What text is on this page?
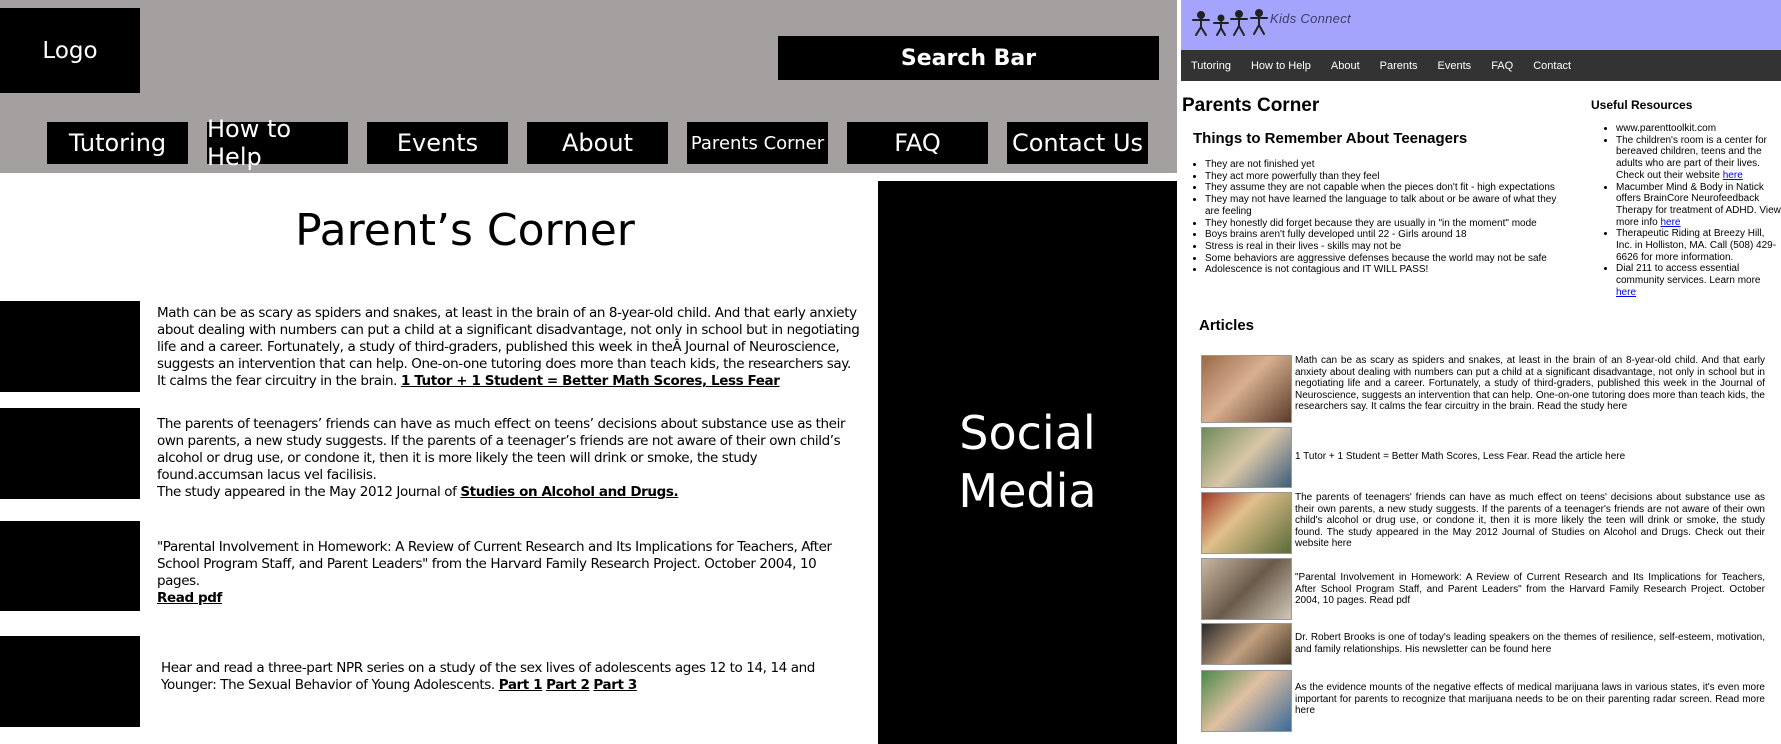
Logo	Search Bar
Tutoring	How to Help	Events	About	Parents Corner	FAQ	Contact Us
Parent’s Corner
Social
Media
Math can be as scary as spiders and snakes, at least in the brain of an 8-year-old child. And that early anxiety about dealing with numbers can put a child at a significant disadvantage, not only in school but in negotiating life and a career. Fortunately, a study of third-graders, published this week in theÂ Journal of Neuroscience, suggests an intervention that can help. One-on-one tutoring does more than teach kids, the researchers say. It calms the fear circuitry in the brain. 1 Tutor + 1 Student = Better Math Scores, Less Fear
The parents of teenagers’ friends can have as much effect on teens’ decisions about substance use as their own parents, a new study suggests. If the parents of a teenager’s friends are not aware of their own child’s alcohol or drug use, or condone it, then it is more likely the teen will drink or smoke, the study found.accumsan lacus vel facilisis.
The study appeared in the May 2012 Journal of Studies on Alcohol and Drugs.
"Parental Involvement in Homework: A Review of Current Research and Its Implications for Teachers, After School Program Staff, and Parent Leaders" from the Harvard Family Research Project. October 2004, 10 pages.
Read pdf
Hear and read a three-part NPR series on a study of the sex lives of adolescents ages 12 to 14, 14 and Younger: The Sexual Behavior of Young Adolescents. Part 1 Part 2 Part 3
Kids Connect
Tutoring How to Help About Parents Events FAQ Contact
Parents Corner
Things to Remember About Teenagers
• They are not finished yet
• They act more powerfully than they feel
• They assume they are not capable when the pieces don't fit - high expectations
• They may not have learned the language to talk about or be aware of what they are feeling
• They honestly did forget because they are usually in "in the moment" mode
• Boys brains aren't fully developed until 22 - Girls around 18
• Stress is real in their lives - skills may not be
• Some behaviors are aggressive defenses because the world may not be safe
• Adolescence is not contagious and IT WILL PASS!
Useful Resources
• www.parenttoolkit.com
• The children's room is a center for bereaved children, teens and the adults who are part of their lives. Check out their website here
• Macumber Mind & Body in Natick offers BrainCore Neurofeedback Therapy for treatment of ADHD. View more info here
• Therapeutic Riding at Breezy Hill, Inc. in Holliston, MA. Call (508) 429-6626 for more information.
• Dial 211 to access essential community services. Learn more here
Articles
Math can be as scary as spiders and snakes, at least in the brain of an 8-year-old child. And that early anxiety about dealing with numbers can put a child at a significant disadvantage, not only in school but in negotiating life and a career. Fortunately, a study of third-graders, published this week in the Journal of Neuroscience, suggests an intervention that can help. One-on-one tutoring does more than teach kids, the researchers say. It calms the fear circuitry in the brain. Read the study here
1 Tutor + 1 Student = Better Math Scores, Less Fear. Read the article here
The parents of teenagers' friends can have as much effect on teens' decisions about substance use as their own parents, a new study suggests. If the parents of a teenager's friends are not aware of their own child's alcohol or drug use, or condone it, then it is more likely the teen will drink or smoke, the study found. The study appeared in the May 2012 Journal of Studies on Alcohol and Drugs. Check out their website here
"Parental Involvement in Homework: A Review of Current Research and Its Implications for Teachers, After School Program Staff, and Parent Leaders" from the Harvard Family Research Project. October 2004, 10 pages. Read pdf
Dr. Robert Brooks is one of today's leading speakers on the themes of resilience, self-esteem, motivation, and family relationships. His newsletter can be found here
As the evidence mounts of the negative effects of medical marijuana laws in various states, it's even more important for parents to recognize that marijuana needs to be on their parenting radar screen. Read more here
